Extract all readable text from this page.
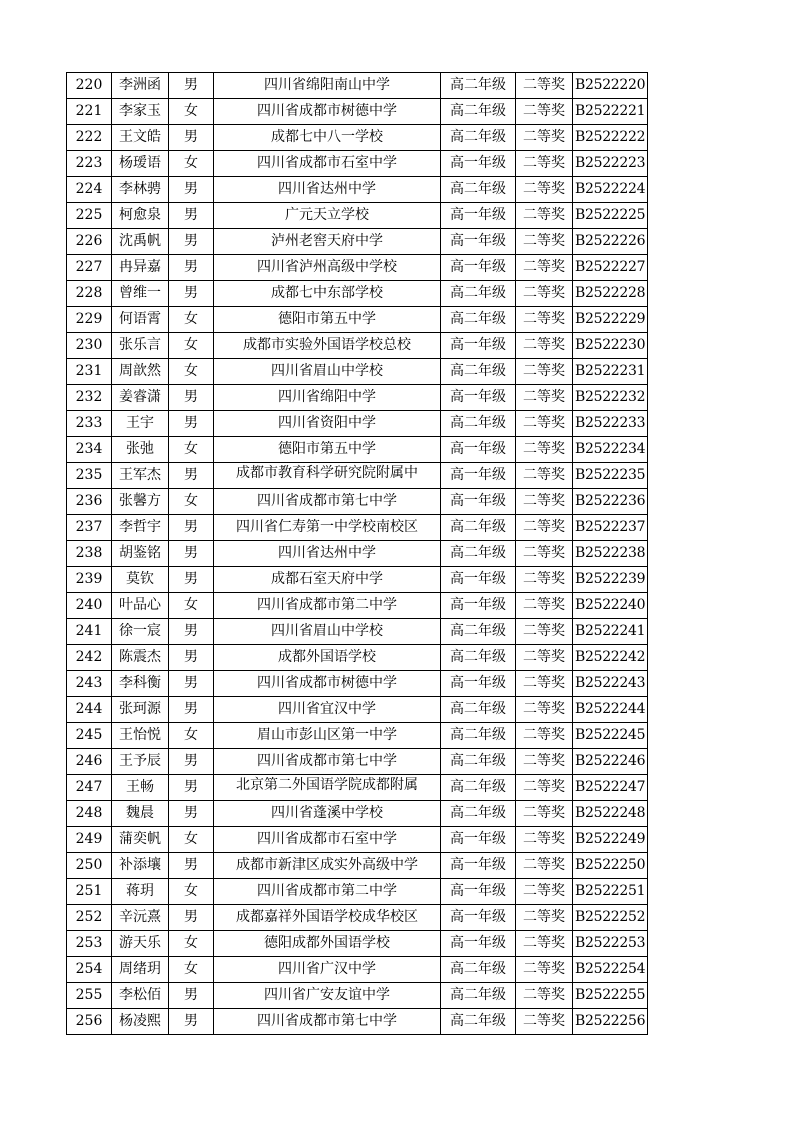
220	李洲函	男	四川省绵阳南山中学	高二年级	二等奖	B2522220
221	李家玉	女	四川省成都市树德中学	高二年级	二等奖	B2522221
222	王文皓	男	成都七中八一学校	高二年级	二等奖	B2522222
223	杨瑷语	女	四川省成都市石室中学	高一年级	二等奖	B2522223
224	李林骋	男	四川省达州中学	高二年级	二等奖	B2522224
225	柯愈泉	男	广元天立学校	高一年级	二等奖	B2522225
226	沈禹帆	男	泸州老窖天府中学	高一年级	二等奖	B2522226
227	冉异嘉	男	四川省泸州高级中学校	高一年级	二等奖	B2522227
228	曾维一	男	成都七中东部学校	高二年级	二等奖	B2522228
229	何语霄	女	德阳市第五中学	高二年级	二等奖	B2522229
230	张乐言	女	成都市实验外国语学校总校	高一年级	二等奖	B2522230
231	周歆然	女	四川省眉山中学校	高二年级	二等奖	B2522231
232	姜睿潇	男	四川省绵阳中学	高一年级	二等奖	B2522232
233	王宇	男	四川省资阳中学	高二年级	二等奖	B2522233
234	张弛	女	德阳市第五中学	高一年级	二等奖	B2522234
235	王军杰	男	成都市教育科学研究院附属中	高一年级	二等奖	B2522235
236	张馨方	女	四川省成都市第七中学	高一年级	二等奖	B2522236
237	李哲宇	男	四川省仁寿第一中学校南校区	高二年级	二等奖	B2522237
238	胡鉴铭	男	四川省达州中学	高二年级	二等奖	B2522238
239	莫钦	男	成都石室天府中学	高一年级	二等奖	B2522239
240	叶品心	女	四川省成都市第二中学	高一年级	二等奖	B2522240
241	徐一宸	男	四川省眉山中学校	高二年级	二等奖	B2522241
242	陈震杰	男	成都外国语学校	高二年级	二等奖	B2522242
243	李科衡	男	四川省成都市树德中学	高一年级	二等奖	B2522243
244	张珂源	男	四川省宜汉中学	高二年级	二等奖	B2522244
245	王怡悦	女	眉山市彭山区第一中学	高二年级	二等奖	B2522245
246	王予辰	男	四川省成都市第七中学	高二年级	二等奖	B2522246
247	王畅	男	北京第二外国语学院成都附属	高二年级	二等奖	B2522247
248	魏晨	男	四川省蓬溪中学校	高二年级	二等奖	B2522248
249	蒲奕帆	女	四川省成都市石室中学	高一年级	二等奖	B2522249
250	补添壤	男	成都市新津区成实外高级中学	高一年级	二等奖	B2522250
251	蒋玥	女	四川省成都市第二中学	高一年级	二等奖	B2522251
252	辛沅熹	男	成都嘉祥外国语学校成华校区	高一年级	二等奖	B2522252
253	游天乐	女	德阳成都外国语学校	高一年级	二等奖	B2522253
254	周绪玥	女	四川省广汉中学	高二年级	二等奖	B2522254
255	李松佰	男	四川省广安友谊中学	高二年级	二等奖	B2522255
256	杨凌熙	男	四川省成都市第七中学	高二年级	二等奖	B2522256
